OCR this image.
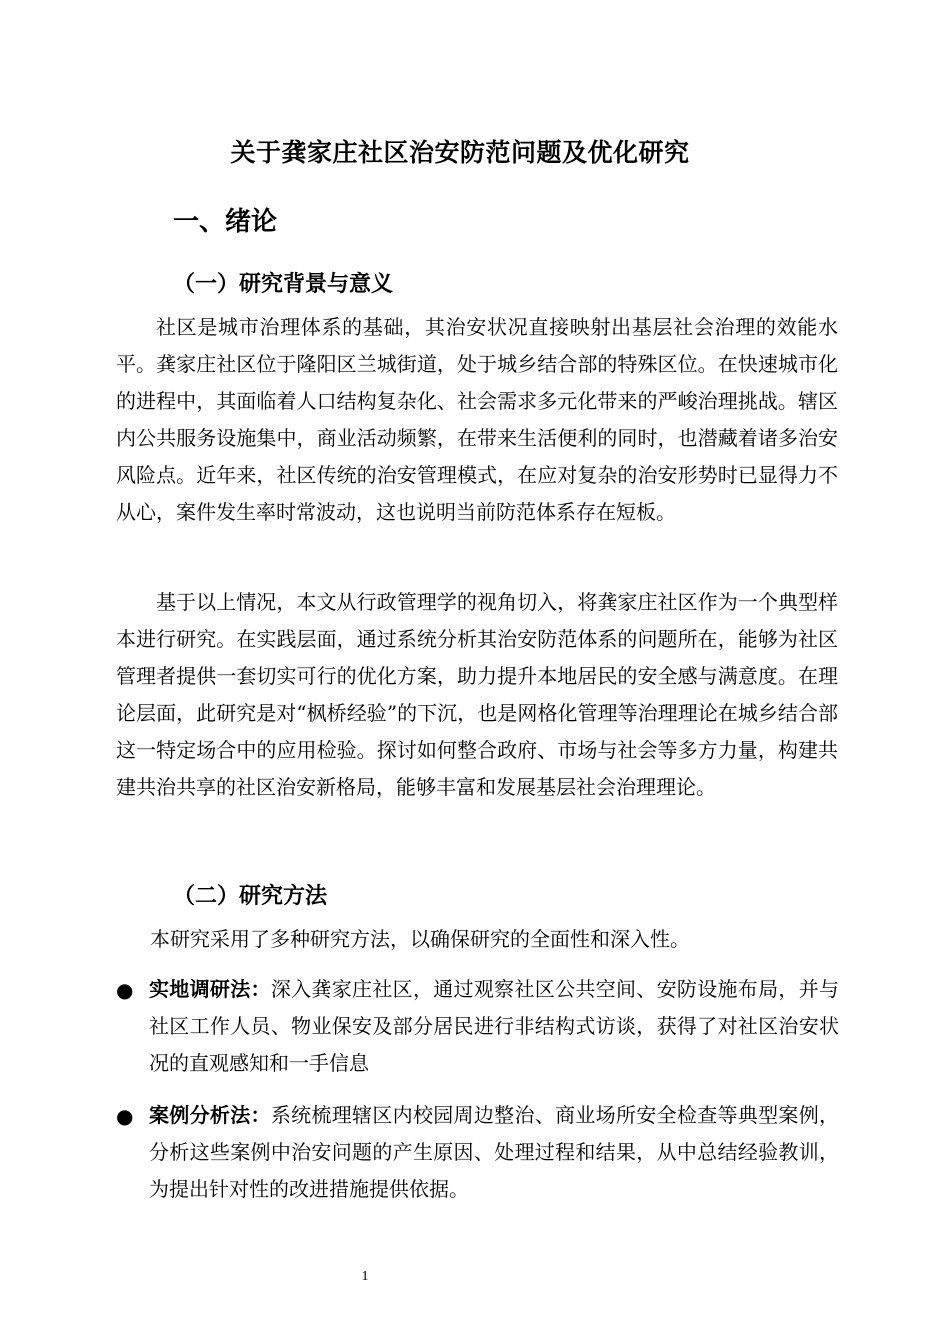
关于龚家庄社区治安防范问题及优化研究
一、绪论
（一）研究背景与意义

社区是城市治理体系的基础，其治安状况直接映射出基层社会治理的效能水平。龚家庄社区位于隆阳区兰城街道，处于城乡结合部的特殊区位。在快速城市化的进程中，其面临着人口结构复杂化、社会需求多元化带来的严峻治理挑战。辖区内公共服务设施集中，商业活动频繁，在带来生活便利的同时，也潜藏着诸多治安风险点。近年来，社区传统的治安管理模式，在应对复杂的治安形势时已显得力不从心，案件发生率时常波动，这也说明当前防范体系存在短板。

基于以上情况，本文从行政管理学的视角切入，将龚家庄社区作为一个典型样本进行研究。在实践层面，通过系统分析其治安防范体系的问题所在，能够为社区管理者提供一套切实可行的优化方案，助力提升本地居民的安全感与满意度。在理论层面，此研究是对“枫桥经验”的下沉，也是网格化管理等治理理论在城乡结合部这一特定场合中的应用检验。探讨如何整合政府、市场与社会等多方力量，构建共建共治共享的社区治安新格局，能够丰富和发展基层社会治理理论。

（二）研究方法

本研究采用了多种研究方法，以确保研究的全面性和深入性。

● 实地调研法：深入龚家庄社区，通过观察社区公共空间、安防设施布局，并与社区工作人员、物业保安及部分居民进行非结构式访谈，获得了对社区治安状况的直观感知和一手信息

● 案例分析法：系统梳理辖区内校园周边整治、商业场所安全检查等典型案例，分析这些案例中治安问题的产生原因、处理过程和结果，从中总结经验教训，为提出针对性的改进措施提供依据。

1
